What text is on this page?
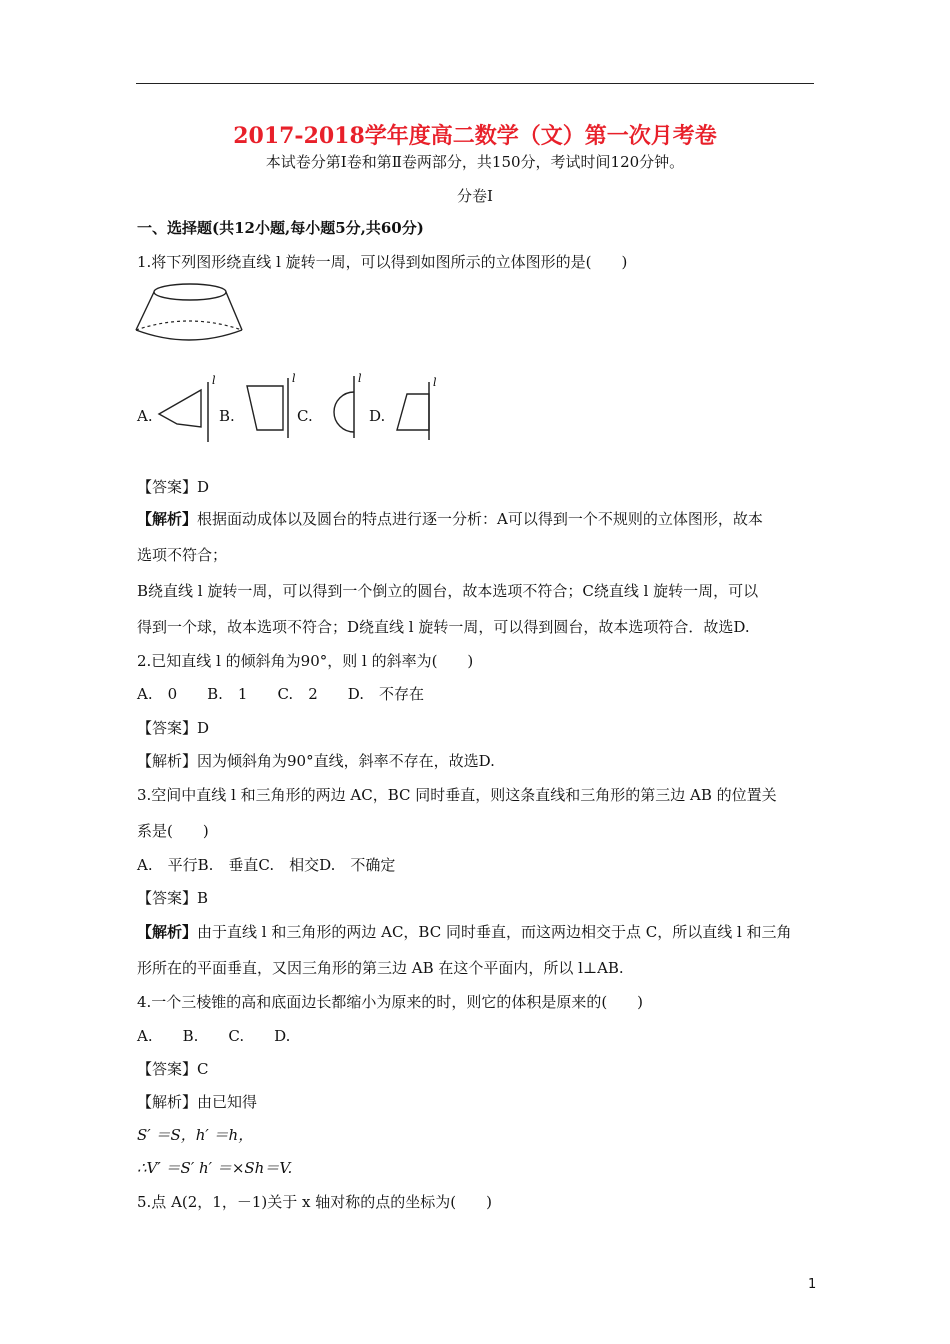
2017-2018学年度高二数学（文）第一次月考卷
本试卷分第Ⅰ卷和第Ⅱ卷两部分，共150分，考试时间120分钟。
分卷I
一、选择题(共12小题,每小题5分,共60分)
1.将下列图形绕直线 l 旋转一周，可以得到如图所示的立体图形的是(　　)
A.
l
B.
l
C.
l
D.
l
【答案】D
【解析】根据面动成体以及圆台的特点进行逐一分析：A可以得到一个不规则的立体图形，故本
选项不符合；
B绕直线 l 旋转一周，可以得到一个倒立的圆台，故本选项不符合；C绕直线 l 旋转一周，可以
得到一个球，故本选项不符合；D绕直线 l 旋转一周，可以得到圆台，故本选项符合．故选D.
2.已知直线 l 的倾斜角为90°，则 l 的斜率为(　　)
A.　0　　B.　1　　C.　2　　D.　不存在
【答案】D
【解析】因为倾斜角为90°直线，斜率不存在，故选D.
3.空间中直线 l 和三角形的两边 AC，BC 同时垂直，则这条直线和三角形的第三边 AB 的位置关
系是(　　)
A.　平行B.　垂直C.　相交D.　不确定
【答案】B
【解析】由于直线 l 和三角形的两边 AC，BC 同时垂直，而这两边相交于点 C，所以直线 l 和三角
形所在的平面垂直，又因三角形的第三边 AB 在这个平面内，所以 l⊥AB.
4.一个三棱锥的高和底面边长都缩小为原来的时，则它的体积是原来的(　　)
A.　　B.　　C.　　D.
【答案】C
【解析】由已知得
S′ ＝S，h′ ＝h，
∴V′ ＝S′ h′ ＝×Sh＝V.
5.点 A(2，1，－1)关于 x 轴对称的点的坐标为(　　)
1
